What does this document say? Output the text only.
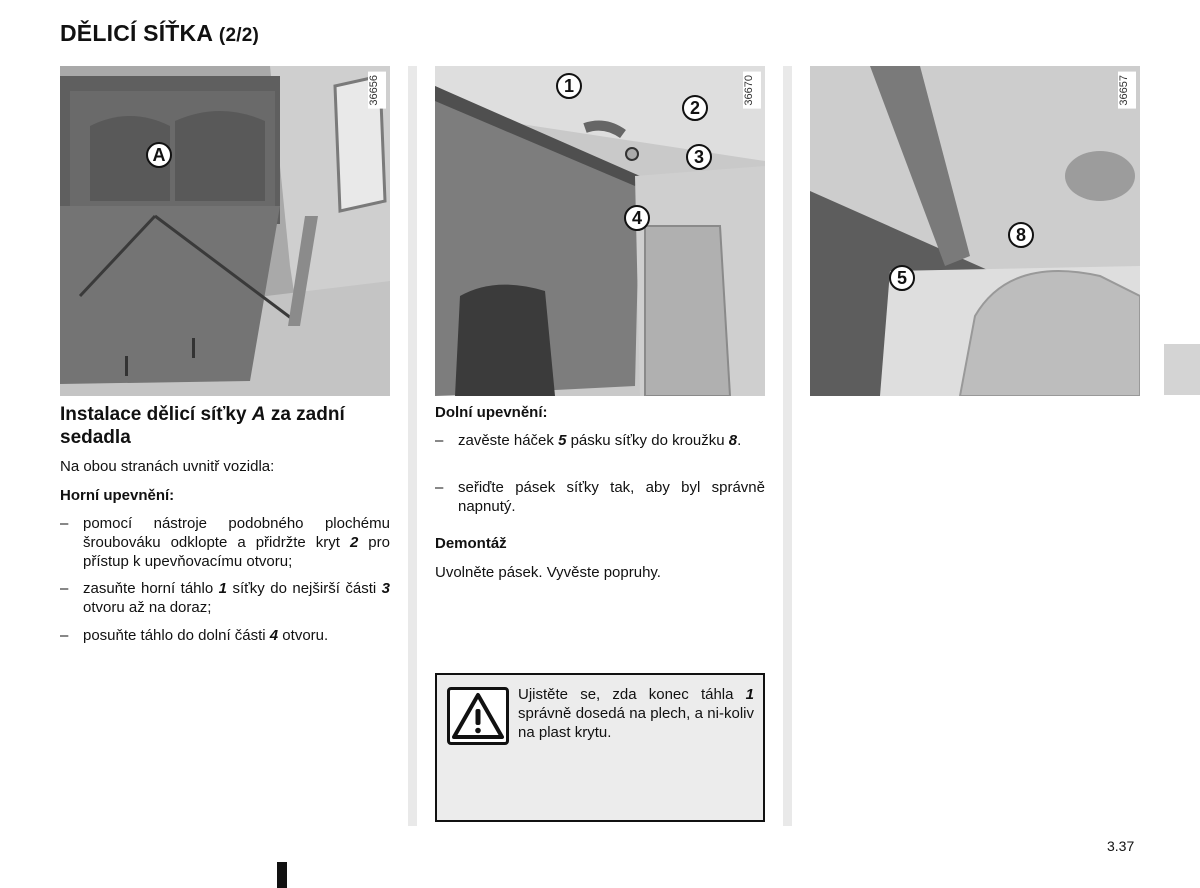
DĚLICÍ SÍŤKA (2/2)
36656
A
36670
1
2
3
4
36657
8
5
Instalace dělicí síťky A za zadní sedadla
Na obou stranách uvnitř vozidla:
Horní upevnění:
– pomocí nástroje podobného plochému šroubováku odklopte a přidržte kryt 2 pro přístup k upevňovacímu otvoru;
– zasuňte horní táhlo 1 síťky do nejširší části 3 otvoru až na doraz;
– posuňte táhlo do dolní části 4 otvoru.
Dolní upevnění:
– zavěste háček 5 pásku síťky do kroužku 8.
– seřiďte pásek síťky tak, aby byl správně napnutý.
Demontáž
Uvolněte pásek. Vyvěste popruhy.
Ujistěte se, zda konec táhla 1 správně dosedá na plech, a ni-koliv na plast krytu.
3.37
